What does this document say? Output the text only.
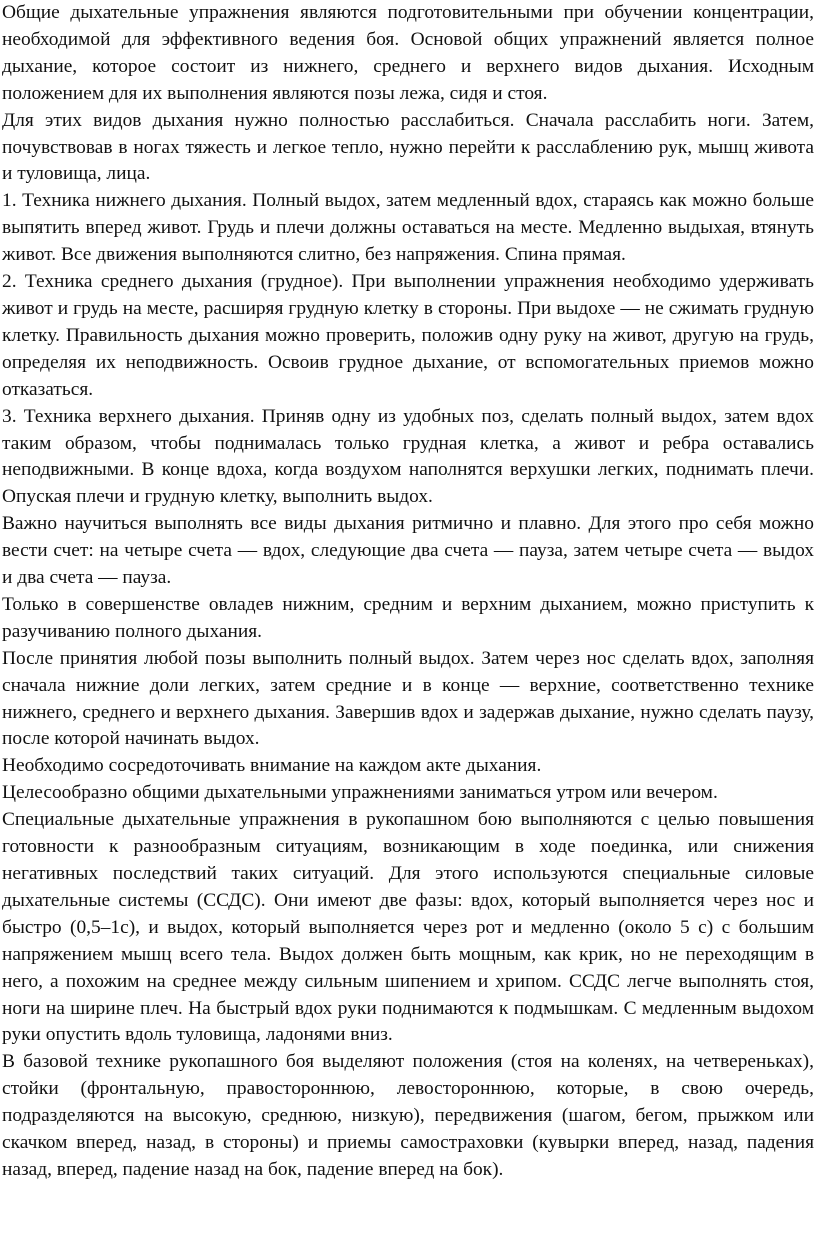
Общие дыхательные упражнения являются подготовительными при обучении концентрации, необходимой для эффективного ведения боя. Основой общих упражнений является полное дыхание, которое состоит из нижнего, среднего и верхнего видов дыхания. Исходным положением для их выполнения являются позы лежа, сидя и стоя.

Для этих видов дыхания нужно полностью расслабиться. Сначала расслабить ноги. Затем, почувствовав в ногах тяжесть и легкое тепло, нужно перейти к расслаблению рук, мышц живота и туловища, лица.

1. Техника нижнего дыхания. Полный выдох, затем медленный вдох, стараясь как можно больше выпятить вперед живот. Грудь и плечи должны оставаться на месте. Медленно выдыхая, втянуть живот. Все движения выполняются слитно, без напряжения. Спина прямая.

2. Техника среднего дыхания (грудное). При выполнении упражнения необходимо удерживать живот и грудь на месте, расширяя грудную клетку в стороны. При выдохе — не сжимать грудную клетку. Правильность дыхания можно проверить, положив одну руку на живот, другую на грудь, определяя их неподвижность. Освоив грудное дыхание, от вспомогательных приемов можно отказаться.

3. Техника верхнего дыхания. Приняв одну из удобных поз, сделать полный выдох, затем вдох таким образом, чтобы поднималась только грудная клетка, а живот и ребра оставались неподвижными. В конце вдоха, когда воздухом наполнятся верхушки легких, поднимать плечи. Опуская плечи и грудную клетку, выполнить выдох.

Важно научиться выполнять все виды дыхания ритмично и плавно. Для этого про себя можно вести счет: на четыре счета — вдох, следующие два счета — пауза, затем четыре счета — выдох и два счета — пауза.

Только в совершенстве овладев нижним, средним и верхним дыханием, можно приступить к разучиванию полного дыхания.

После принятия любой позы выполнить полный выдох. Затем через нос сделать вдох, заполняя сначала нижние доли легких, затем средние и в конце — верхние, соответственно технике нижнего, среднего и верхнего дыхания. Завершив вдох и задержав дыхание, нужно сделать паузу, после которой начинать выдох.

Необходимо сосредоточивать внимание на каждом акте дыхания.

Целесообразно общими дыхательными упражнениями заниматься утром или вечером.

Специальные дыхательные упражнения в рукопашном бою выполняются с целью повышения готовности к разнообразным ситуациям, возникающим в ходе поединка, или снижения негативных последствий таких ситуаций. Для этого используются специальные силовые дыхательные системы (ССДС). Они имеют две фазы: вдох, который выполняется через нос и быстро (0,5–1с), и выдох, который выполняется через рот и медленно (около 5 с) с большим напряжением мышц всего тела. Выдох должен быть мощным, как крик, но не переходящим в него, а похожим на среднее между сильным шипением и хрипом. ССДС легче выполнять стоя, ноги на ширине плеч. На быстрый вдох руки поднимаются к подмышкам. С медленным выдохом руки опустить вдоль туловища, ладонями вниз.

В базовой технике рукопашного боя выделяют положения (стоя на коленях, на четвереньках), стойки (фронтальную, правостороннюю, левостороннюю, которые, в свою очередь, подразделяются на высокую, среднюю, низкую), передвижения (шагом, бегом, прыжком или скачком вперед, назад, в стороны) и приемы самостраховки (кувырки вперед, назад, падения назад, вперед, падение назад на бок, падение вперед на бок).
